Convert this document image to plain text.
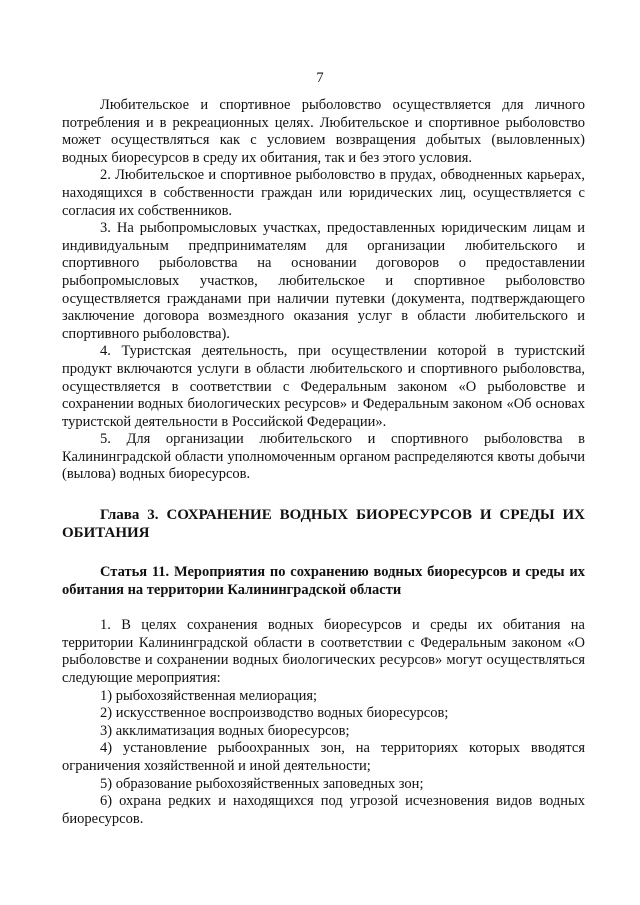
7

Любительское и спортивное рыболовство осуществляется для личного потребления и в рекреационных целях. Любительское и спортивное рыболовство может осуществляться как с условием возвращения добытых (выловленных) водных биоресурсов в среду их обитания, так и без этого условия.

2. Любительское и спортивное рыболовство в прудах, обводненных карьерах, находящихся в собственности граждан или юридических лиц, осуществляется с согласия их собственников.

3. На рыбопромысловых участках, предоставленных юридическим лицам и индивидуальным предпринимателям для организации любительского и спортивного рыболовства на основании договоров о предоставлении рыбопромысловых участков, любительское и спортивное рыболовство осуществляется гражданами при наличии путевки (документа, подтверждающего заключение договора возмездного оказания услуг в области любительского и спортивного рыболовства).

4. Туристская деятельность, при осуществлении которой в туристский продукт включаются услуги в области любительского и спортивного рыболовства, осуществляется в соответствии с Федеральным законом «О рыболовстве и сохранении водных биологических ресурсов» и Федеральным законом «Об основах туристской деятельности в Российской Федерации».

5. Для организации любительского и спортивного рыболовства в Калининградской области уполномоченным органом распределяются квоты добычи (вылова) водных биоресурсов.

Глава 3. СОХРАНЕНИЕ ВОДНЫХ БИОРЕСУРСОВ И СРЕДЫ ИХ ОБИТАНИЯ
Статья 11. Мероприятия по сохранению водных биоресурсов и среды их обитания на территории Калининградской области

1. В целях сохранения водных биоресурсов и среды их обитания на территории Калининградской области в соответствии с Федеральным законом «О рыболовстве и сохранении водных биологических ресурсов» могут осуществляться следующие мероприятия:

1) рыбохозяйственная мелиорация;

2) искусственное воспроизводство водных биоресурсов;

3) акклиматизация водных биоресурсов;

4) установление рыбоохранных зон, на территориях которых вводятся ограничения хозяйственной и иной деятельности;

5) образование рыбохозяйственных заповедных зон;

6) охрана редких и находящихся под угрозой исчезновения видов водных биоресурсов.
